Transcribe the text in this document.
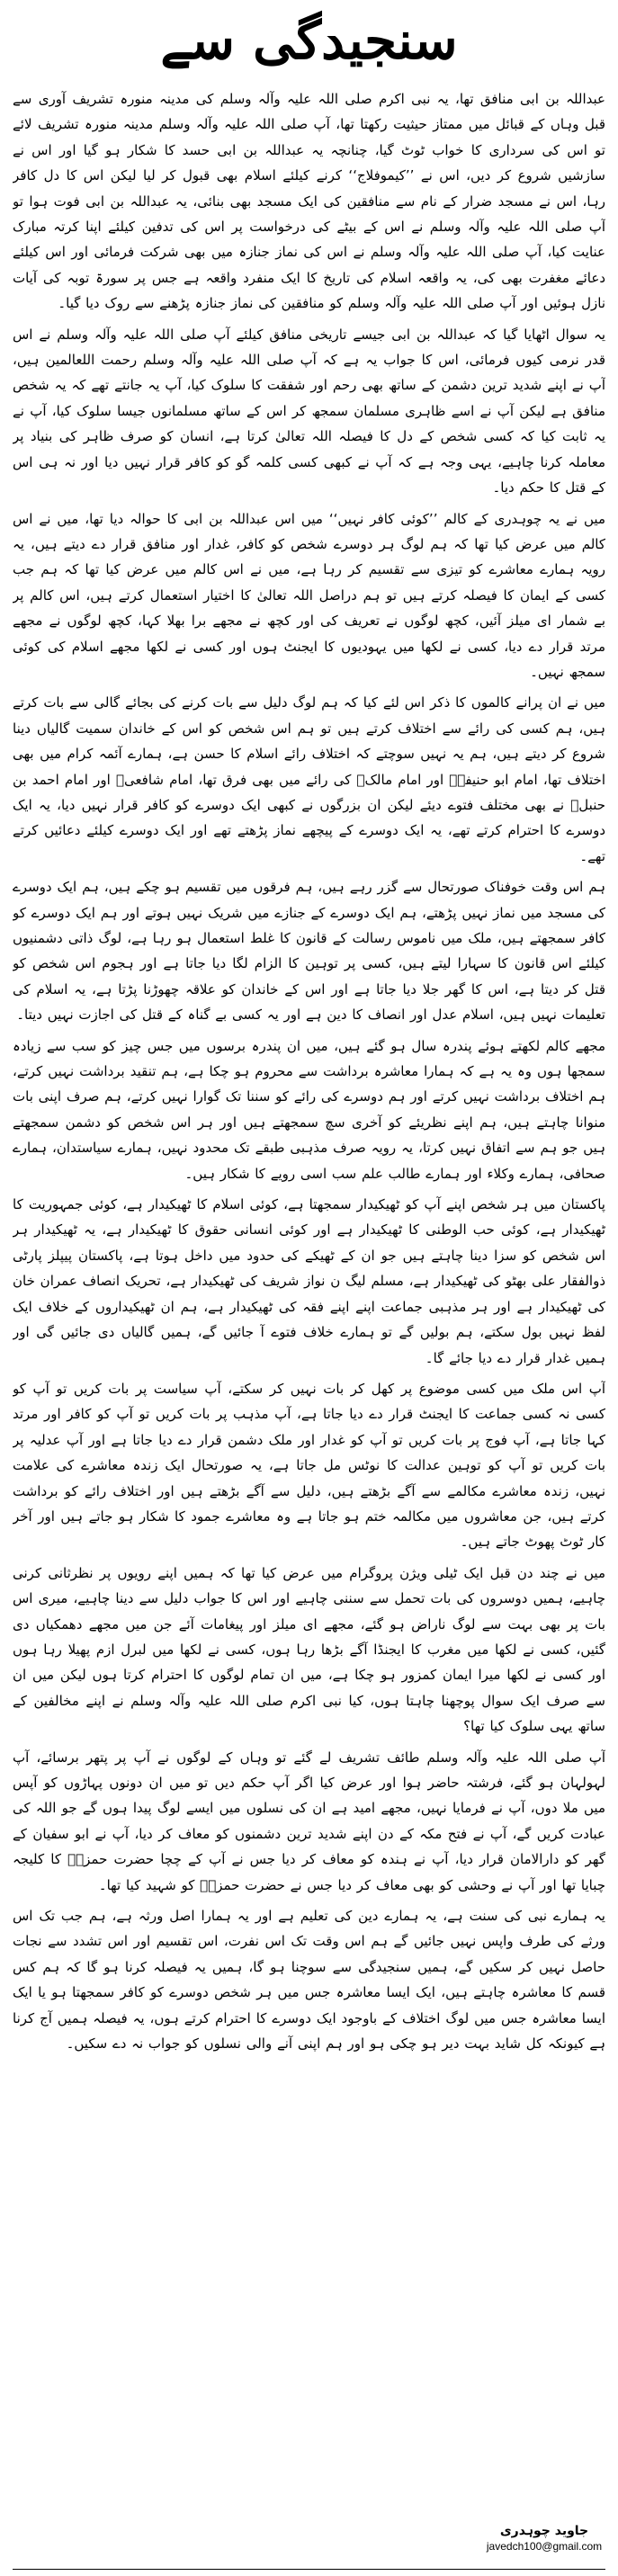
سنجیدگی سے

عبداللہ بن ابی منافق تھا، یہ نبی اکرم صلی اللہ علیہ وآلہ وسلم کی مدینہ منورہ تشریف آوری سے قبل وہاں کے قبائل میں ممتاز حیثیت رکھتا تھا، آپ صلی اللہ علیہ وآلہ وسلم مدینہ منورہ تشریف لائے تو اس کی سرداری کا خواب ٹوٹ گیا، چنانچہ یہ عبداللہ بن ابی حسد کا شکار ہو گیا اور اس نے سازشیں شروع کر دیں، اس نے ’’کیموفلاج‘‘ کرنے کیلئے اسلام بھی قبول کر لیا لیکن اس کا دل کافر رہا، اس نے مسجد ضرار کے نام سے منافقین کی ایک مسجد بھی بنائی، یہ عبداللہ بن ابی فوت ہوا تو آپ صلی اللہ علیہ وآلہ وسلم نے اس کے بیٹے کی درخواست پر اس کی تدفین کیلئے اپنا کرتہ مبارک عنایت کیا، آپ صلی اللہ علیہ وآلہ وسلم نے اس کی نماز جنازہ میں بھی شرکت فرمائی اور اس کیلئے دعائے مغفرت بھی کی، یہ واقعہ اسلام کی تاریخ کا ایک منفرد واقعہ ہے جس پر سورۃ توبہ کی آیات نازل ہوئیں اور آپ صلی اللہ علیہ وآلہ وسلم کو منافقین کی نماز جنازہ پڑھنے سے روک دیا گیا۔

یہ سوال اٹھایا گیا کہ عبداللہ بن ابی جیسے تاریخی منافق کیلئے آپ صلی اللہ علیہ وآلہ وسلم نے اس قدر نرمی کیوں فرمائی، اس کا جواب یہ ہے کہ آپ صلی اللہ علیہ وآلہ وسلم رحمت اللعالمین ہیں، آپ نے اپنے شدید ترین دشمن کے ساتھ بھی رحم اور شفقت کا سلوک کیا، آپ یہ جانتے تھے کہ یہ شخص منافق ہے لیکن آپ نے اسے ظاہری مسلمان سمجھ کر اس کے ساتھ مسلمانوں جیسا سلوک کیا، آپ نے یہ ثابت کیا کہ کسی شخص کے دل کا فیصلہ اللہ تعالیٰ کرتا ہے، انسان کو صرف ظاہر کی بنیاد پر معاملہ کرنا چاہیے، یہی وجہ ہے کہ آپ نے کبھی کسی کلمہ گو کو کافر قرار نہیں دیا اور نہ ہی اس کے قتل کا حکم دیا۔

میں نے یہ چوہدری کے کالم ’’کوئی کافر نہیں‘‘ میں اس عبداللہ بن ابی کا حوالہ دیا تھا، میں نے اس کالم میں عرض کیا تھا کہ ہم لوگ ہر دوسرے شخص کو کافر، غدار اور منافق قرار دے دیتے ہیں، یہ رویہ ہمارے معاشرے کو تیزی سے تقسیم کر رہا ہے، میں نے اس کالم میں عرض کیا تھا کہ ہم جب کسی کے ایمان کا فیصلہ کرتے ہیں تو ہم دراصل اللہ تعالیٰ کا اختیار استعمال کرتے ہیں، اس کالم پر بے شمار ای میلز آئیں، کچھ لوگوں نے تعریف کی اور کچھ نے مجھے برا بھلا کہا، کچھ لوگوں نے مجھے مرتد قرار دے دیا، کسی نے لکھا میں یہودیوں کا ایجنٹ ہوں اور کسی نے لکھا مجھے اسلام کی کوئی سمجھ نہیں۔

میں نے ان پرانے کالموں کا ذکر اس لئے کیا کہ ہم لوگ دلیل سے بات کرنے کی بجائے گالی سے بات کرتے ہیں، ہم کسی کی رائے سے اختلاف کرتے ہیں تو ہم اس شخص کو اس کے خاندان سمیت گالیاں دینا شروع کر دیتے ہیں، ہم یہ نہیں سوچتے کہ اختلاف رائے اسلام کا حسن ہے، ہمارے آئمہ کرام میں بھی اختلاف تھا، امام ابو حنیفہؒ اور امام مالکؒ کی رائے میں بھی فرق تھا، امام شافعیؒ اور امام احمد بن حنبلؒ نے بھی مختلف فتوے دیئے لیکن ان بزرگوں نے کبھی ایک دوسرے کو کافر قرار نہیں دیا، یہ ایک دوسرے کا احترام کرتے تھے، یہ ایک دوسرے کے پیچھے نماز پڑھتے تھے اور ایک دوسرے کیلئے دعائیں کرتے تھے۔

ہم اس وقت خوفناک صورتحال سے گزر رہے ہیں، ہم فرقوں میں تقسیم ہو چکے ہیں، ہم ایک دوسرے کی مسجد میں نماز نہیں پڑھتے، ہم ایک دوسرے کے جنازے میں شریک نہیں ہوتے اور ہم ایک دوسرے کو کافر سمجھتے ہیں، ملک میں ناموس رسالت کے قانون کا غلط استعمال ہو رہا ہے، لوگ ذاتی دشمنیوں کیلئے اس قانون کا سہارا لیتے ہیں، کسی پر توہین کا الزام لگا دیا جاتا ہے اور ہجوم اس شخص کو قتل کر دیتا ہے، اس کا گھر جلا دیا جاتا ہے اور اس کے خاندان کو علاقہ چھوڑنا پڑتا ہے، یہ اسلام کی تعلیمات نہیں ہیں، اسلام عدل اور انصاف کا دین ہے اور یہ کسی بے گناہ کے قتل کی اجازت نہیں دیتا۔

مجھے کالم لکھتے ہوئے پندرہ سال ہو گئے ہیں، میں ان پندرہ برسوں میں جس چیز کو سب سے زیادہ سمجھا ہوں وہ یہ ہے کہ ہمارا معاشرہ برداشت سے محروم ہو چکا ہے، ہم تنقید برداشت نہیں کرتے، ہم اختلاف برداشت نہیں کرتے اور ہم دوسرے کی رائے کو سننا تک گوارا نہیں کرتے، ہم صرف اپنی بات منوانا چاہتے ہیں، ہم اپنے نظریئے کو آخری سچ سمجھتے ہیں اور ہر اس شخص کو دشمن سمجھتے ہیں جو ہم سے اتفاق نہیں کرتا، یہ رویہ صرف مذہبی طبقے تک محدود نہیں، ہمارے سیاستدان، ہمارے صحافی، ہمارے وکلاء اور ہمارے طالب علم سب اسی رویے کا شکار ہیں۔

پاکستان میں ہر شخص اپنے آپ کو ٹھیکیدار سمجھتا ہے، کوئی اسلام کا ٹھیکیدار ہے، کوئی جمہوریت کا ٹھیکیدار ہے، کوئی حب الوطنی کا ٹھیکیدار ہے اور کوئی انسانی حقوق کا ٹھیکیدار ہے، یہ ٹھیکیدار ہر اس شخص کو سزا دینا چاہتے ہیں جو ان کے ٹھیکے کی حدود میں داخل ہوتا ہے، پاکستان پیپلز پارٹی ذوالفقار علی بھٹو کی ٹھیکیدار ہے، مسلم لیگ ن نواز شریف کی ٹھیکیدار ہے، تحریک انصاف عمران خان کی ٹھیکیدار ہے اور ہر مذہبی جماعت اپنے اپنے فقہ کی ٹھیکیدار ہے، ہم ان ٹھیکیداروں کے خلاف ایک لفظ نہیں بول سکتے، ہم بولیں گے تو ہمارے خلاف فتوے آ جائیں گے، ہمیں گالیاں دی جائیں گی اور ہمیں غدار قرار دے دیا جائے گا۔

آپ اس ملک میں کسی موضوع پر کھل کر بات نہیں کر سکتے، آپ سیاست پر بات کریں تو آپ کو کسی نہ کسی جماعت کا ایجنٹ قرار دے دیا جاتا ہے، آپ مذہب پر بات کریں تو آپ کو کافر اور مرتد کہا جاتا ہے، آپ فوج پر بات کریں تو آپ کو غدار اور ملک دشمن قرار دے دیا جاتا ہے اور آپ عدلیہ پر بات کریں تو آپ کو توہین عدالت کا نوٹس مل جاتا ہے، یہ صورتحال ایک زندہ معاشرے کی علامت نہیں، زندہ معاشرے مکالمے سے آگے بڑھتے ہیں، دلیل سے آگے بڑھتے ہیں اور اختلاف رائے کو برداشت کرتے ہیں، جن معاشروں میں مکالمہ ختم ہو جاتا ہے وہ معاشرے جمود کا شکار ہو جاتے ہیں اور آخر کار ٹوٹ پھوٹ جاتے ہیں۔

میں نے چند دن قبل ایک ٹیلی ویژن پروگرام میں عرض کیا تھا کہ ہمیں اپنے رویوں پر نظرثانی کرنی چاہیے، ہمیں دوسروں کی بات تحمل سے سننی چاہیے اور اس کا جواب دلیل سے دینا چاہیے، میری اس بات پر بھی بہت سے لوگ ناراض ہو گئے، مجھے ای میلز اور پیغامات آئے جن میں مجھے دھمکیاں دی گئیں، کسی نے لکھا میں مغرب کا ایجنڈا آگے بڑھا رہا ہوں، کسی نے لکھا میں لبرل ازم پھیلا رہا ہوں اور کسی نے لکھا میرا ایمان کمزور ہو چکا ہے، میں ان تمام لوگوں کا احترام کرتا ہوں لیکن میں ان سے صرف ایک سوال پوچھنا چاہتا ہوں، کیا نبی اکرم صلی اللہ علیہ وآلہ وسلم نے اپنے مخالفین کے ساتھ یہی سلوک کیا تھا؟

آپ صلی اللہ علیہ وآلہ وسلم طائف تشریف لے گئے تو وہاں کے لوگوں نے آپ پر پتھر برسائے، آپ لہولہان ہو گئے، فرشتہ حاضر ہوا اور عرض کیا اگر آپ حکم دیں تو میں ان دونوں پہاڑوں کو آپس میں ملا دوں، آپ نے فرمایا نہیں، مجھے امید ہے ان کی نسلوں میں ایسے لوگ پیدا ہوں گے جو اللہ کی عبادت کریں گے، آپ نے فتح مکہ کے دن اپنے شدید ترین دشمنوں کو معاف کر دیا، آپ نے ابو سفیان کے گھر کو دارالامان قرار دیا، آپ نے ہندہ کو معاف کر دیا جس نے آپ کے چچا حضرت حمزہؓ کا کلیجہ چبایا تھا اور آپ نے وحشی کو بھی معاف کر دیا جس نے حضرت حمزہؓ کو شہید کیا تھا۔

یہ ہمارے نبی کی سنت ہے، یہ ہمارے دین کی تعلیم ہے اور یہ ہمارا اصل ورثہ ہے، ہم جب تک اس ورثے کی طرف واپس نہیں جائیں گے ہم اس وقت تک اس نفرت، اس تقسیم اور اس تشدد سے نجات حاصل نہیں کر سکیں گے، ہمیں سنجیدگی سے سوچنا ہو گا، ہمیں یہ فیصلہ کرنا ہو گا کہ ہم کس قسم کا معاشرہ چاہتے ہیں، ایک ایسا معاشرہ جس میں ہر شخص دوسرے کو کافر سمجھتا ہو یا ایک ایسا معاشرہ جس میں لوگ اختلاف کے باوجود ایک دوسرے کا احترام کرتے ہوں، یہ فیصلہ ہمیں آج کرنا ہے کیونکہ کل شاید بہت دیر ہو چکی ہو اور ہم اپنی آنے والی نسلوں کو جواب نہ دے سکیں۔

جاوید چوہدری
javedch100@gmail.com
